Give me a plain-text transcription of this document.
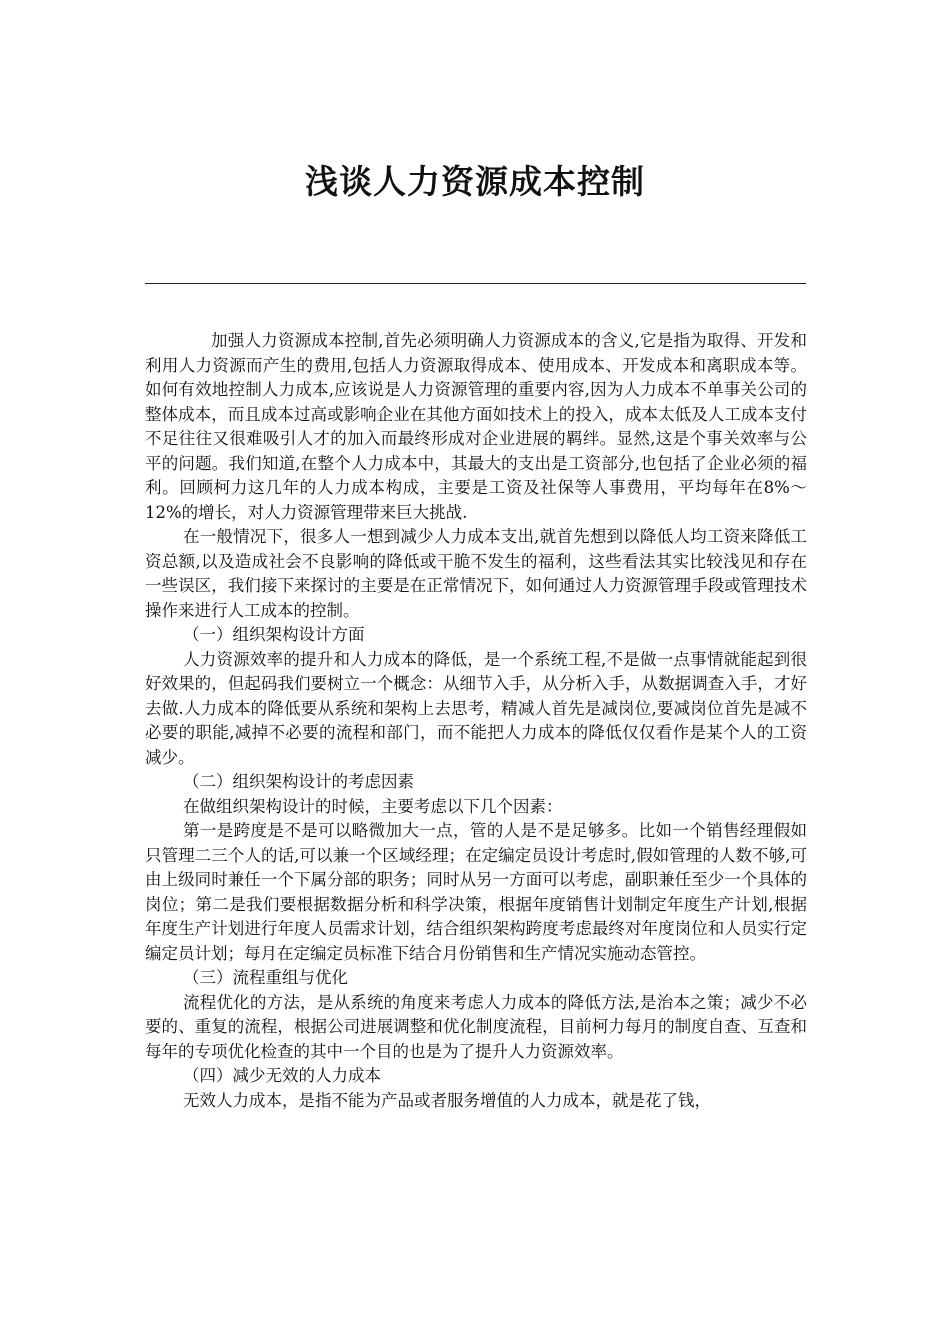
浅谈人力资源成本控制

加强人力资源成本控制,首先必须明确人力资源成本的含义,它是指为取得、开发和利用人力资源而产生的费用,包括人力资源取得成本、使用成本、开发成本和离职成本等。如何有效地控制人力成本,应该说是人力资源管理的重要内容,因为人力成本不单事关公司的整体成本，而且成本过高或影响企业在其他方面如技术上的投入，成本太低及人工成本支付不足往往又很难吸引人才的加入而最终形成对企业进展的羁绊。显然,这是个事关效率与公平的问题。我们知道,在整个人力成本中，其最大的支出是工资部分,也包括了企业必须的福利。回顾柯力这几年的人力成本构成，主要是工资及社保等人事费用，平均每年在8%～12%的增长，对人力资源管理带来巨大挑战.

在一般情况下，很多人一想到减少人力成本支出,就首先想到以降低人均工资来降低工资总额,以及造成社会不良影响的降低或干脆不发生的福利，这些看法其实比较浅见和存在一些误区，我们接下来探讨的主要是在正常情况下，如何通过人力资源管理手段或管理技术操作来进行人工成本的控制。

（一）组织架构设计方面

人力资源效率的提升和人力成本的降低，是一个系统工程,不是做一点事情就能起到很好效果的，但起码我们要树立一个概念：从细节入手，从分析入手，从数据调查入手，才好去做.人力成本的降低要从系统和架构上去思考，精减人首先是减岗位,要减岗位首先是减不必要的职能,减掉不必要的流程和部门，而不能把人力成本的降低仅仅看作是某个人的工资减少。

（二）组织架构设计的考虑因素

在做组织架构设计的时候，主要考虑以下几个因素：

第一是跨度是不是可以略微加大一点，管的人是不是足够多。比如一个销售经理假如只管理二三个人的话,可以兼一个区域经理；在定编定员设计考虑时,假如管理的人数不够,可由上级同时兼任一个下属分部的职务；同时从另一方面可以考虑，副职兼任至少一个具体的岗位；第二是我们要根据数据分析和科学决策，根据年度销售计划制定年度生产计划,根据年度生产计划进行年度人员需求计划，结合组织架构跨度考虑最终对年度岗位和人员实行定编定员计划；每月在定编定员标准下结合月份销售和生产情况实施动态管控。

（三）流程重组与优化

流程优化的方法，是从系统的角度来考虑人力成本的降低方法,是治本之策；减少不必要的、重复的流程，根据公司进展调整和优化制度流程，目前柯力每月的制度自查、互查和每年的专项优化检查的其中一个目的也是为了提升人力资源效率。

（四）减少无效的人力成本

无效人力成本，是指不能为产品或者服务增值的人力成本，就是花了钱，
